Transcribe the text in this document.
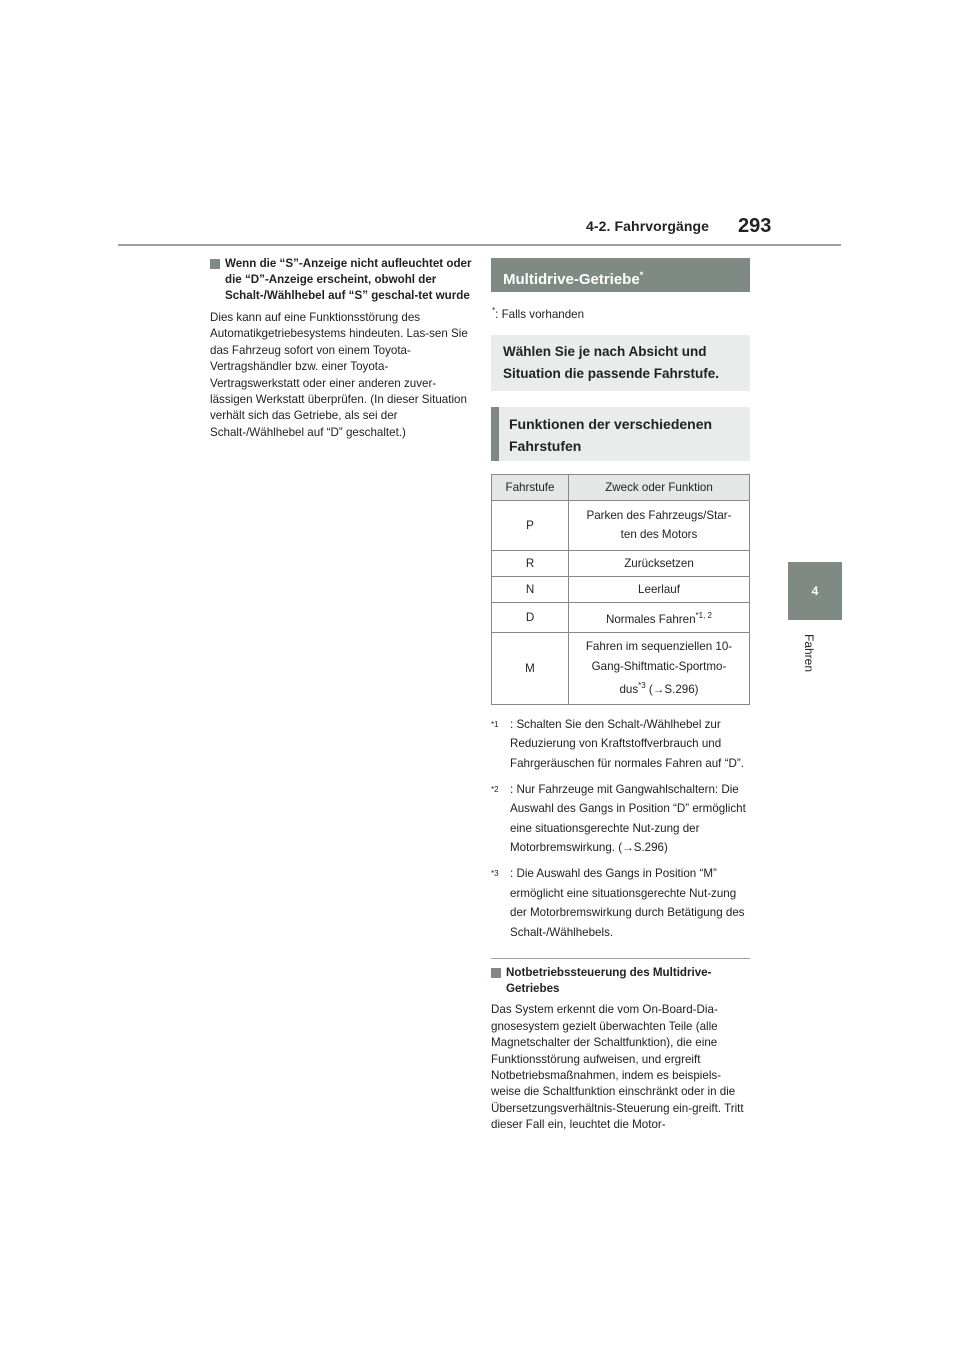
4-2. Fahrvorgänge 293
4
Fahren
Wenn die “S”-Anzeige nicht aufleuchtet oder die “D”-Anzeige erscheint, obwohl der Schalt-/Wählhebel auf “S” geschal-tet wurde
Dies kann auf eine Funktionsstörung des Automatikgetriebesystems hindeuten. Las-sen Sie das Fahrzeug sofort von einem Toyota-Vertragshändler bzw. einer Toyota-Vertragswerkstatt oder einer anderen zuver-lässigen Werkstatt überprüfen. (In dieser Situation verhält sich das Getriebe, als sei der Schalt-/Wählhebel auf “D” geschaltet.)
Multidrive-Getriebe*
*: Falls vorhanden
Wählen Sie je nach Absicht und
Situation die passende Fahrstufe.
Funktionen der verschiedenen
Fahrstufen
Fahrstufe	Zweck oder Funktion
P	Parken des Fahrzeugs/Star-
ten des Motors

R	Zurücksetzen
N	Leerlauf
D	Normales Fahren$^{*1, 2}$
M	Fahren im sequenziellen 10-
Gang-Shiftmatic-Sportmo-
dus$^{*3}$ (→S.296)
$^{*1}$ : Schalten Sie den Schalt-/Wählhebel zur Reduzierung von Kraftstoffverbrauch und Fahrgeräuschen für normales Fahren auf “D”.
$^{*2}$ : Nur Fahrzeuge mit Gangwahlschaltern: Die Auswahl des Gangs in Position “D” ermöglicht eine situationsgerechte Nut-zung der Motorbremswirkung. (→S.296)
$^{*3}$ : Die Auswahl des Gangs in Position “M” ermöglicht eine situationsgerechte Nut-zung der Motorbremswirkung durch Betätigung des Schalt-/Wählhebels.
Notbetriebssteuerung des Multidrive-Getriebes
Das System erkennt die vom On-Board-Dia-gnosesystem gezielt überwachten Teile (alle Magnetschalter der Schaltfunktion), die eine Funktionsstörung aufweisen, und ergreift Notbetriebsmaßnahmen, indem es beispiels-weise die Schaltfunktion einschränkt oder in die Übersetzungsverhältnis-Steuerung ein-greift. Tritt dieser Fall ein, leuchtet die Motor-
